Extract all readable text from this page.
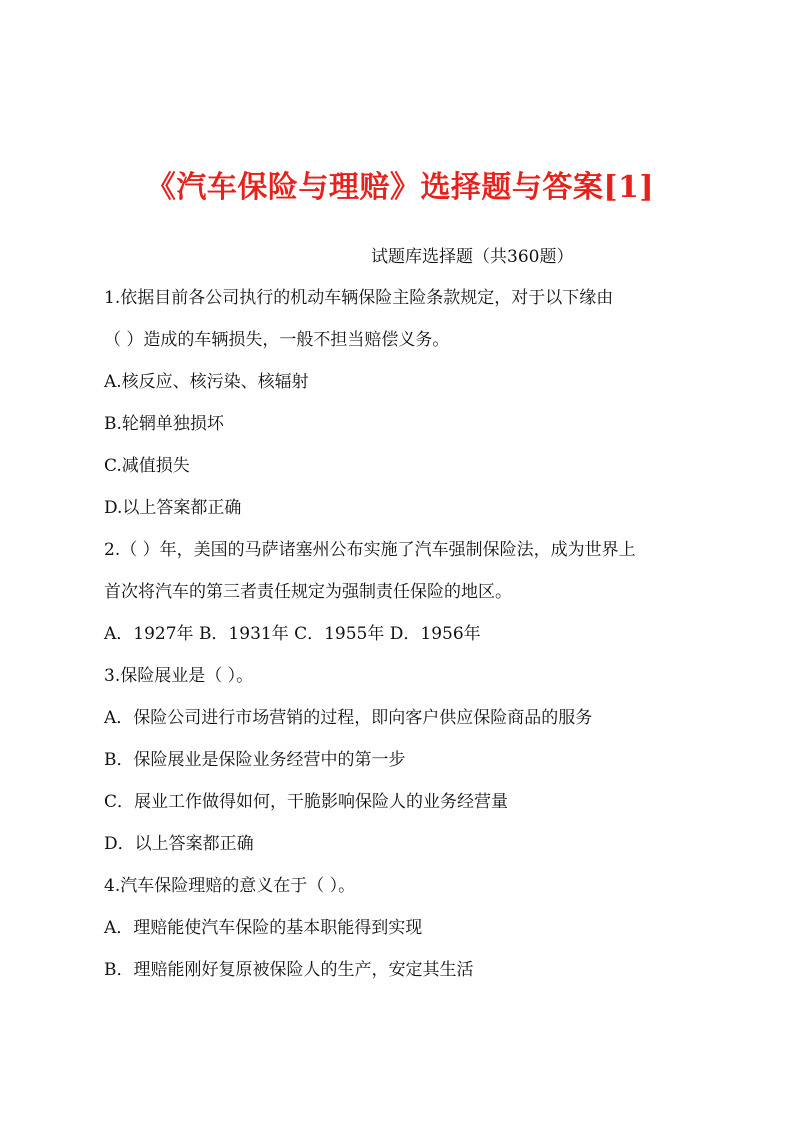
《汽车保险与理赔》选择题与答案[1]
试题库选择题（共360题）
1.依据目前各公司执行的机动车辆保险主险条款规定，对于以下缘由
（ ）造成的车辆损失，一般不担当赔偿义务。
A.核反应、核污染、核辐射
B.轮辋单独损坏
C.减值损失
D.以上答案都正确
2.（ ）年，美国的马萨诸塞州公布实施了汽车强制保险法，成为世界上
首次将汽车的第三者责任规定为强制责任保险的地区。
A．1927年 B．1931年 C．1955年 D．1956年
3.保险展业是（ ）。
A．保险公司进行市场营销的过程，即向客户供应保险商品的服务
B．保险展业是保险业务经营中的第一步
C．展业工作做得如何，干脆影响保险人的业务经营量
D．以上答案都正确
4.汽车保险理赔的意义在于（ ）。
A．理赔能使汽车保险的基本职能得到实现
B．理赔能刚好复原被保险人的生产，安定其生活
